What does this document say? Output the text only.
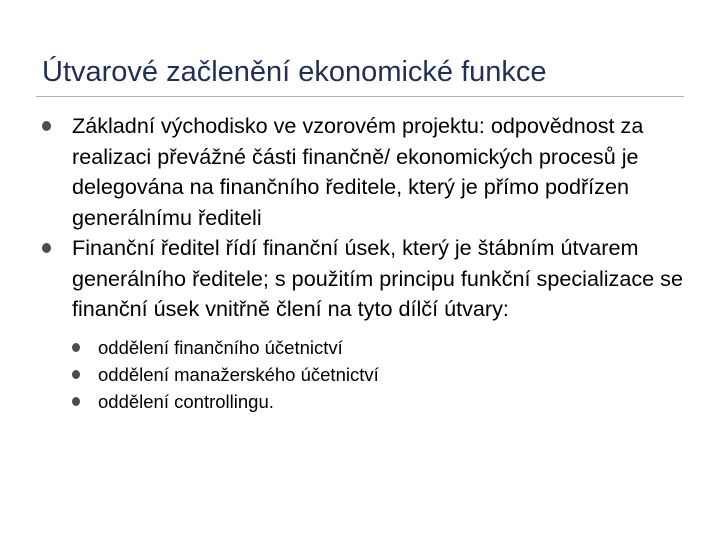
Útvarové začlenění ekonomické funkce
Základní východisko ve vzorovém projektu: odpovědnost za realizaci převážné části finančně/ ekonomických procesů je delegována na finančního ředitele, který je přímo podřízen generálnímu řediteli
Finanční ředitel řídí finanční úsek, který je štábním útvarem generálního ředitele; s použitím principu funkční specializace se finanční úsek vnitřně člení na tyto dílčí útvary:
oddělení finančního účetnictví
oddělení manažerského účetnictví
oddělení controllingu.
